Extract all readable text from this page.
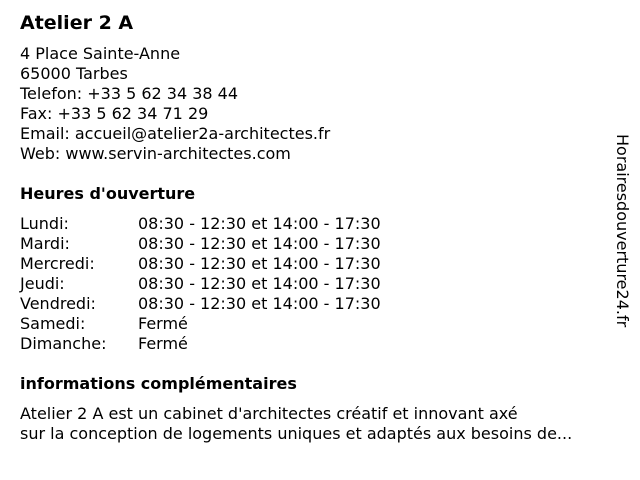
Atelier 2 A
4 Place Sainte-Anne
65000 Tarbes
Telefon: +33 5 62 34 38 44
Fax: +33 5 62 34 71 29
Email: accueil@atelier2a-architectes.fr
Web: www.servin-architectes.com
Heures d'ouverture
Lundi:	08:30 - 12:30 et 14:00 - 17:30
Mardi:	08:30 - 12:30 et 14:00 - 17:30
Mercredi:	08:30 - 12:30 et 14:00 - 17:30
Jeudi:	08:30 - 12:30 et 14:00 - 17:30
Vendredi:	08:30 - 12:30 et 14:00 - 17:30
Samedi:	Fermé
Dimanche:	Fermé
informations complémentaires
Atelier 2 A est un cabinet d'architectes créatif et innovant axé
sur la conception de logements uniques et adaptés aux besoins de...
Horairesdouverture24.fr
